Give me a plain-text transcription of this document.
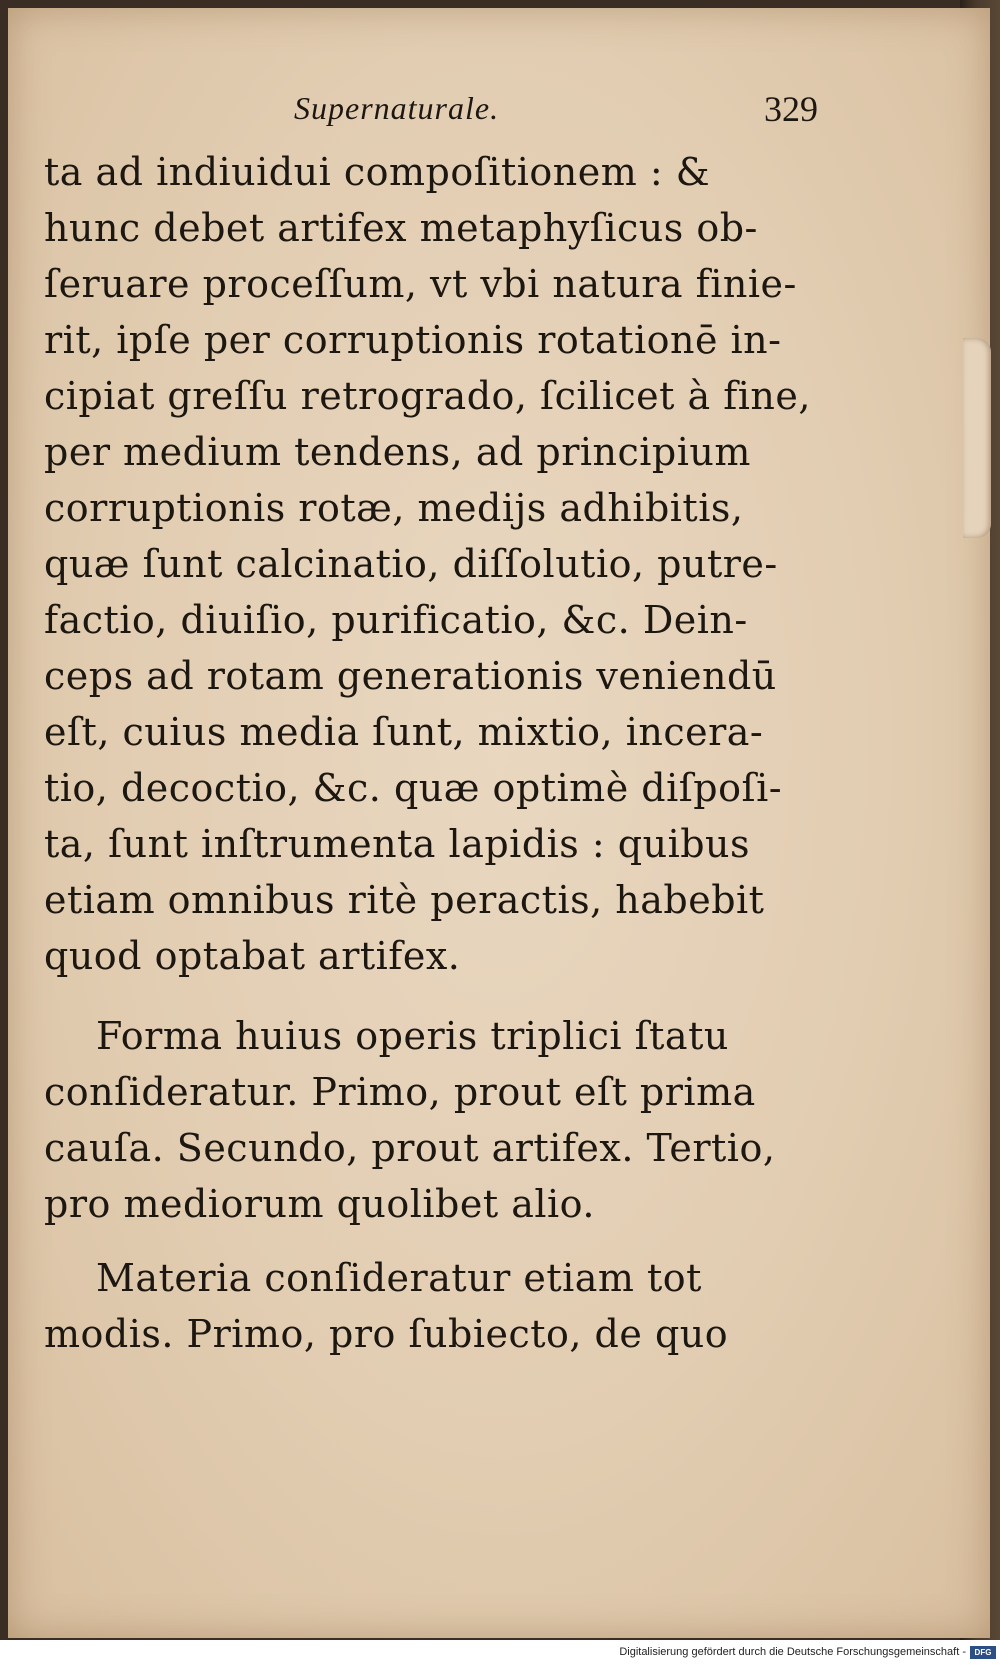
Supernaturale.	329
ta ad indiuidui compoſitionem : &
hunc debet artifex metaphyſicus ob-
ſeruare proceſſum, vt vbi natura finie-
rit, ipſe per corruptionis rotationē in-
cipiat greſſu retrogrado, ſcilicet à fine,
per medium tendens, ad principium
corruptionis rotæ, medijs adhibitis,
quæ ſunt calcinatio, diſſolutio, putre-
factio, diuiſio, purificatio, &c. Dein-
ceps ad rotam generationis veniendū
eſt, cuius media ſunt, mixtio, incera-
tio, decoctio, &c. quæ optimè diſpoſi-
ta, ſunt inſtrumenta lapidis : quibus
etiam omnibus ritè peractis, habebit
quod optabat artifex.
Forma huius operis triplici ſtatu
conſideratur. Primo, prout eſt prima
cauſa. Secundo, prout artifex. Tertio,
pro mediorum quolibet alio.
Materia conſideratur etiam tot
modis. Primo, pro ſubiecto, de quo
Digitalisierung gefördert durch die Deutsche Forschungsgemeinschaft -	DFG
